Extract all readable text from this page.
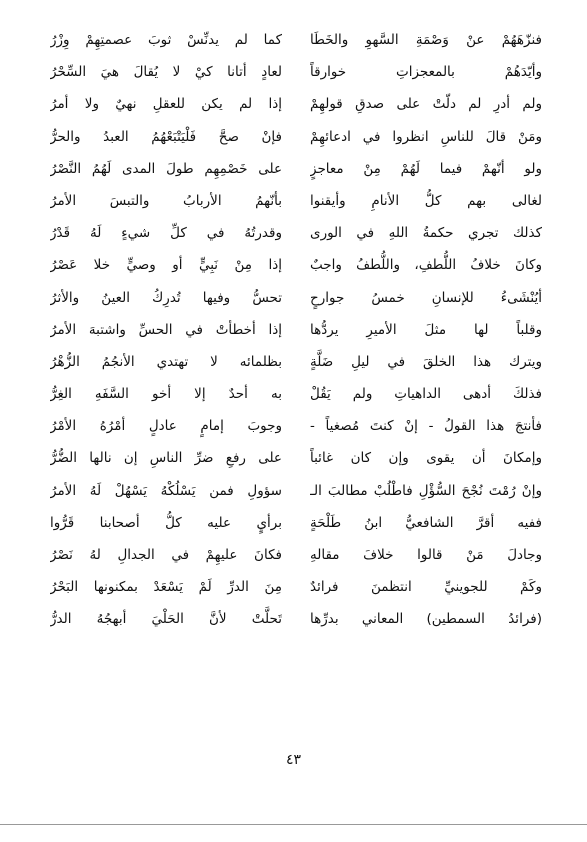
فنزّهَهُمْ عنْ وَصْمَةِ السَّهوِ والخَطَا
وأيّدَهُمْ بالمعجزاتِ خوارقاً
ولم أدرِ لم دلّتْ على صدقِ قولهِمْ
ومَنْ قالَ للناسِ انظروا في ادعائهِمْ
ولو أنّهمْ فيما لَهُمْ مِنْ معاجزٍ
لغالى بهم كلُّ الأنامِ وأيقنوا
كذلك تجري حكمةُ اللهِ في الورى
وكانَ خلافُ اللُّطفِ، واللُّطفُ واجبٌ
أيُنْشَىءُ للإنسانِ خمسُ جوارحٍ
وقلباً لها مثلَ الأميرِ يردُّها
ويترك هذا الخلقَ في ليلِ ضَلَّةٍ
فذلكَ أدهى الداهياتِ ولم يَقُلْ
فأنتجَ هذا القولُ - إنْ كنتَ مُصغياً -
وإمكانَ أن يقوى وإن كان غائباً
وإنْ رُمْتَ نُجْحَ السُّؤْلِ فاطْلُبْ مطالبَ الـ
ففيه أقرَّ الشافعيُّ ابنُ طَلْحَةٍ
وجادلَ مَنْ قالوا خلافَ مقالهِ
وكَمْ للجوينيِّ انتظمنَ فرائدٌ
(فرائدُ السمطين) المعاني بدرِّها
كما لم يدنِّسْ ثوبَ عصمتِهِمْ وِزْرُ
لعادٍ أتانا كيْ لا يُقالَ هيَ السِّحْرُ
إذا لم يكن للعقلِ نهيٌ ولا أمرُ
فإنْ صحَّ فَلْيَتْبَعْهُمُ العبدُ والحرُّ
على خَصْمِهِم طولَ المدى لَهُمُ النَّصْرُ
بأنّهمُ الأربابُ والتبسَ الأمرُ
وقدرتُهُ في كلِّ شيءٍ لَهُ قَدْرُ
إذا مِنْ نَبِيٍّ أو وصيٍّ خلا عَصْرُ
تحسُّ وفيها تُدرِكُ العينُ والأثرُ
إذا أخطأتْ في الحسِّ واشتبهَ الأمرُ
بظلمائه لا تهتدي الأنجُمُ الزُّهْرُ
به أحدٌ إلا أخو السَّفَهِ الغِرُّ
وجوبَ إمامٍ عادلٍ أمْرُهُ الأمْرُ
على رفعِ ضرِّ الناسِ إن نالها الضُّرُّ
سؤولِ فمن يَسْلُكْهُ يَسْهُلْ لَهُ الأمرُ
برأيٍ عليه كلُّ أصحابنا قَرُّوا
فكانَ عليهِمْ في الجدالِ لهُ نَصْرُ
مِنَ الدرِّ لَمْ يَسْعَدْ بمكنونها البَحْرُ
تَحلَّتْ لأنَّ الحَلْيَ أبهجُهُ الدرُّ
٤٣
